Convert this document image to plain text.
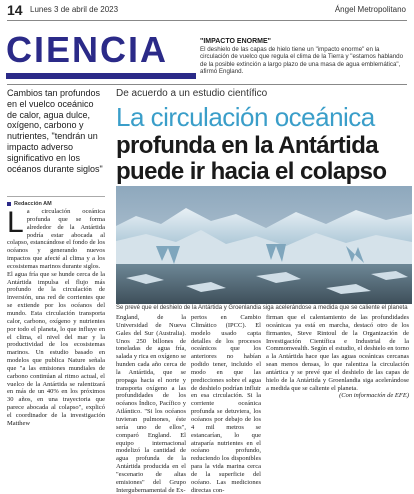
14 Lunes 3 de abril de 2023	Ángel Metropolitano
CIENCIA	"IMPACTO ENORME"
El deshielo de las capas de hielo tiene un "impacto enorme" en la circulación de vuelco que regula el clima de la Tierra y "estamos hablando de la posible extinción a largo plazo de una masa de agua emblemática", afirmó England.
Cambios tan profundos en el vuelco oceánico de calor, agua dulce, oxígeno, carbono y nutrientes, "tendrán un impacto adverso significativo en los océanos durante siglos"
Redacción AM
De acuerdo a un estudio científico
La circulación oceánica
profunda en la Antártida puede ir hacia el colapso
Se prevé que el deshielo de la Antártida y Groenlandia siga acelerándose a medida que se caliente el planeta

La circulación oceánica profunda que se forma alrededor de la Antártida podría estar abocada al colapso, estancándose el fondo de los océanos y generando nuevos impactos que afecté al clima y a los ecosistemas marinos durante siglos.

El agua fría que se hunde cerca de la Antártida impulsa el flujo más profundo de la circulación de inversión, una red de corrientes que se extiende por los océanos del mundo. Esta circulación transporta calor, carbono, oxígeno y nutrientes por todo el planeta, lo que influye en el clima, el nivel del mar y la productividad de los ecosistemas marinos. Un estudio basado en modelos que publica Nature señala que "a las emisiones mundiales de carbono continúan al ritmo actual, el vuelco de la Antártida se ralentizará en más de un 40% en los próximos 30 años, en una trayectoria que parece abocada al colapso", explicó el coordinador de la investigación Matthew

England, de la Universidad de Nueva Gales del Sur (Australia). Unos 250 billones de toneladas de agua fría, salada y rica en oxígeno se hunden cada año cerca de la Antártida, que se propaga hacia el norte y transporta oxígeno a las profundidades de los océanos Índico, Pacífico y Atlántico. "Si los océanos tuvieran pulmones, éste sería uno de ellos", comparó England. El equipo internacional modelizó la cantidad de agua profunda de la Antártida producida en el "escenario de altas emisiones" del Grupo Intergubernamental de Ex-

pertos en Cambio Climático (IPCC). El modelo usado capta detalles de los procesos oceánicos que los anteriores no habían podido tener, incluido el modo en que las predicciones sobre el agua de deshielo podrían influir en esa circulación. Si la corriente oceánica profunda se detuviera, los océanos por debajo de los 4 mil metros se estancarían, lo que atraparía nutrientes en el océano profundo, reduciendo los disponibles para la vida marina cerca de la superficie del océano. Las mediciones directas con-

firman que el calentamiento de las profundidades oceánicas ya está en marcha, destacó otro de los firmantes, Steve Rintoul de la Organización de Investigación Científica e Industrial de la Commonwealth. Según el estudio, el deshielo en torno a la Antártida hace que las aguas oceánicas cercanas sean menos densas, lo que ralentiza la circulación antártica y se prevé que el deshielo de las capas de hielo de la Antártida y Groenlandia siga acelerándose a medida que se caliente el planeta.

(Con información de EFE)
